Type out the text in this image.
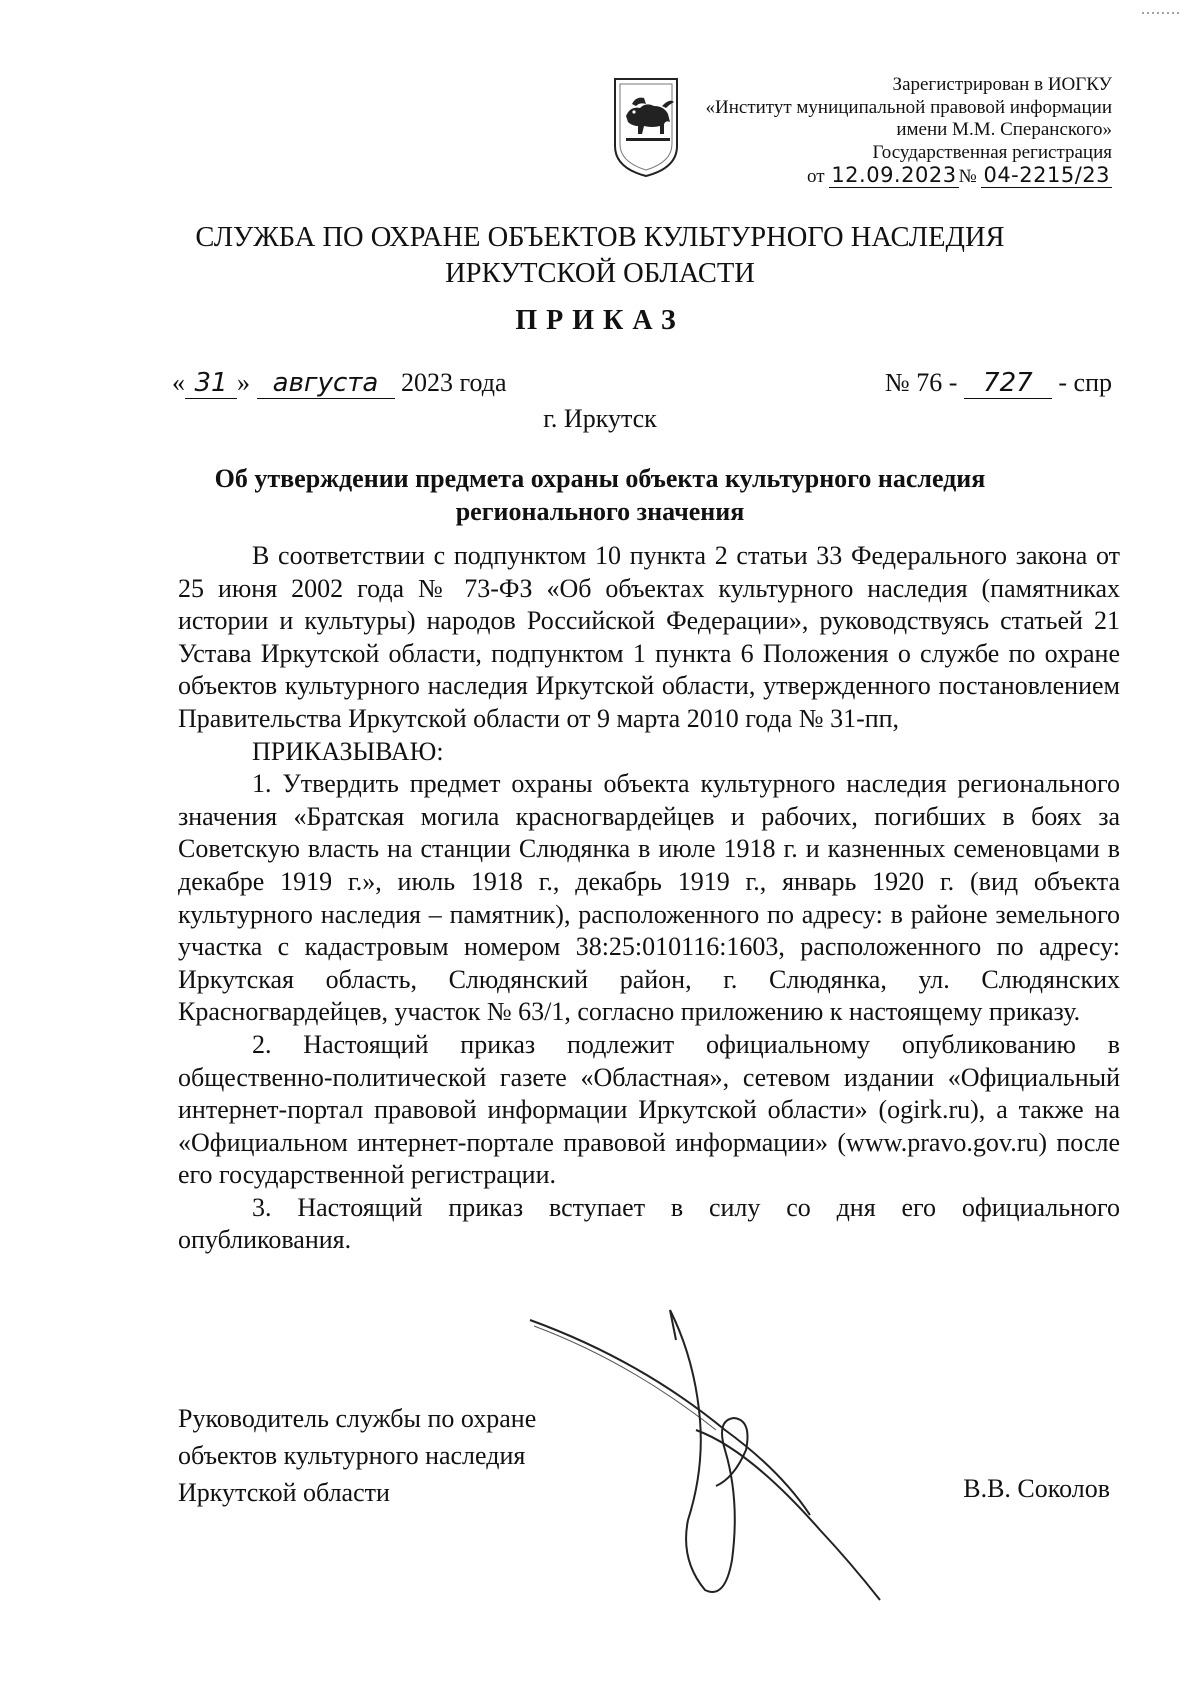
Зарегистрирован в ИОГКУ
«Институт муниципальной правовой информации
имени М.М. Сперанского»
Государственная регистрация
от 12.09.2023 № 04-2215/23
СЛУЖБА ПО ОХРАНЕ ОБЪЕКТОВ КУЛЬТУРНОГО НАСЛЕДИЯ
ИРКУТСКОЙ ОБЛАСТИ
ПРИКАЗ
« 31 » августа 2023 года	№ 76 - 727 - спр
г. Иркутск
Об утверждении предмета охраны объекта культурного наследия
регионального значения

В соответствии с подпунктом 10 пункта 2 статьи 33 Федерального закона от 25 июня 2002 года № 73-ФЗ «Об объектах культурного наследия (памятниках истории и культуры) народов Российской Федерации», руководствуясь статьей 21 Устава Иркутской области, подпунктом 1 пункта 6 Положения о службе по охране объектов культурного наследия Иркутской области, утвержденного постановлением Правительства Иркутской области от 9 марта 2010 года № 31-пп,

ПРИКАЗЫВАЮ:

1. Утвердить предмет охраны объекта культурного наследия регионального значения «Братская могила красногвардейцев и рабочих, погибших в боях за Советскую власть на станции Слюдянка в июле 1918 г. и казненных семеновцами в декабре 1919 г.», июль 1918 г., декабрь 1919 г., январь 1920 г. (вид объекта культурного наследия – памятник), расположенного по адресу: в районе земельного участка с кадастровым номером 38:25:010116:1603, расположенного по адресу: Иркутская область, Слюдянский район, г. Слюдянка, ул. Слюдянских Красногвардейцев, участок № 63/1, согласно приложению к настоящему приказу.

2. Настоящий приказ подлежит официальному опубликованию в общественно-политической газете «Областная», сетевом издании «Официальный интернет-портал правовой информации Иркутской области» (ogirk.ru), а также на «Официальном интернет-портале правовой информации» (www.pravo.gov.ru) после его государственной регистрации.

3. Настоящий приказ вступает в силу со дня его официального опубликования.

Руководитель службы по охране
объектов культурного наследия
Иркутской области	В.В. Соколов
